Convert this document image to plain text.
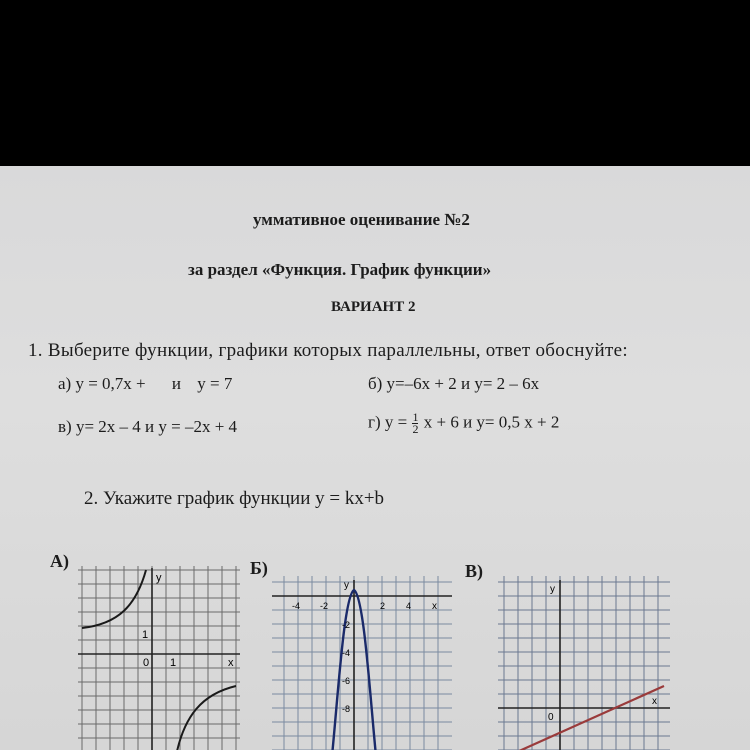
уммативное оценивание №2
за раздел «Функция. График функции»
ВАРИАНТ 2
1. Выберите функции, графики которых параллельны, ответ обоснуйте:
а) y = 0,7x + и y = 7	б) y=–6x + 2 и y= 2 – 6x
в) y= 2x – 4 и y = –2x + 4	г) $y = \frac{1}{2}$ x + 6 и y= 0,5 x + 2
2. Укажите график функции y = kx+b
А)	Б)	В)
y
x
1
0 1
y
x
-4 -2	2 4
-2
-4
-6
-8
y
x
0
